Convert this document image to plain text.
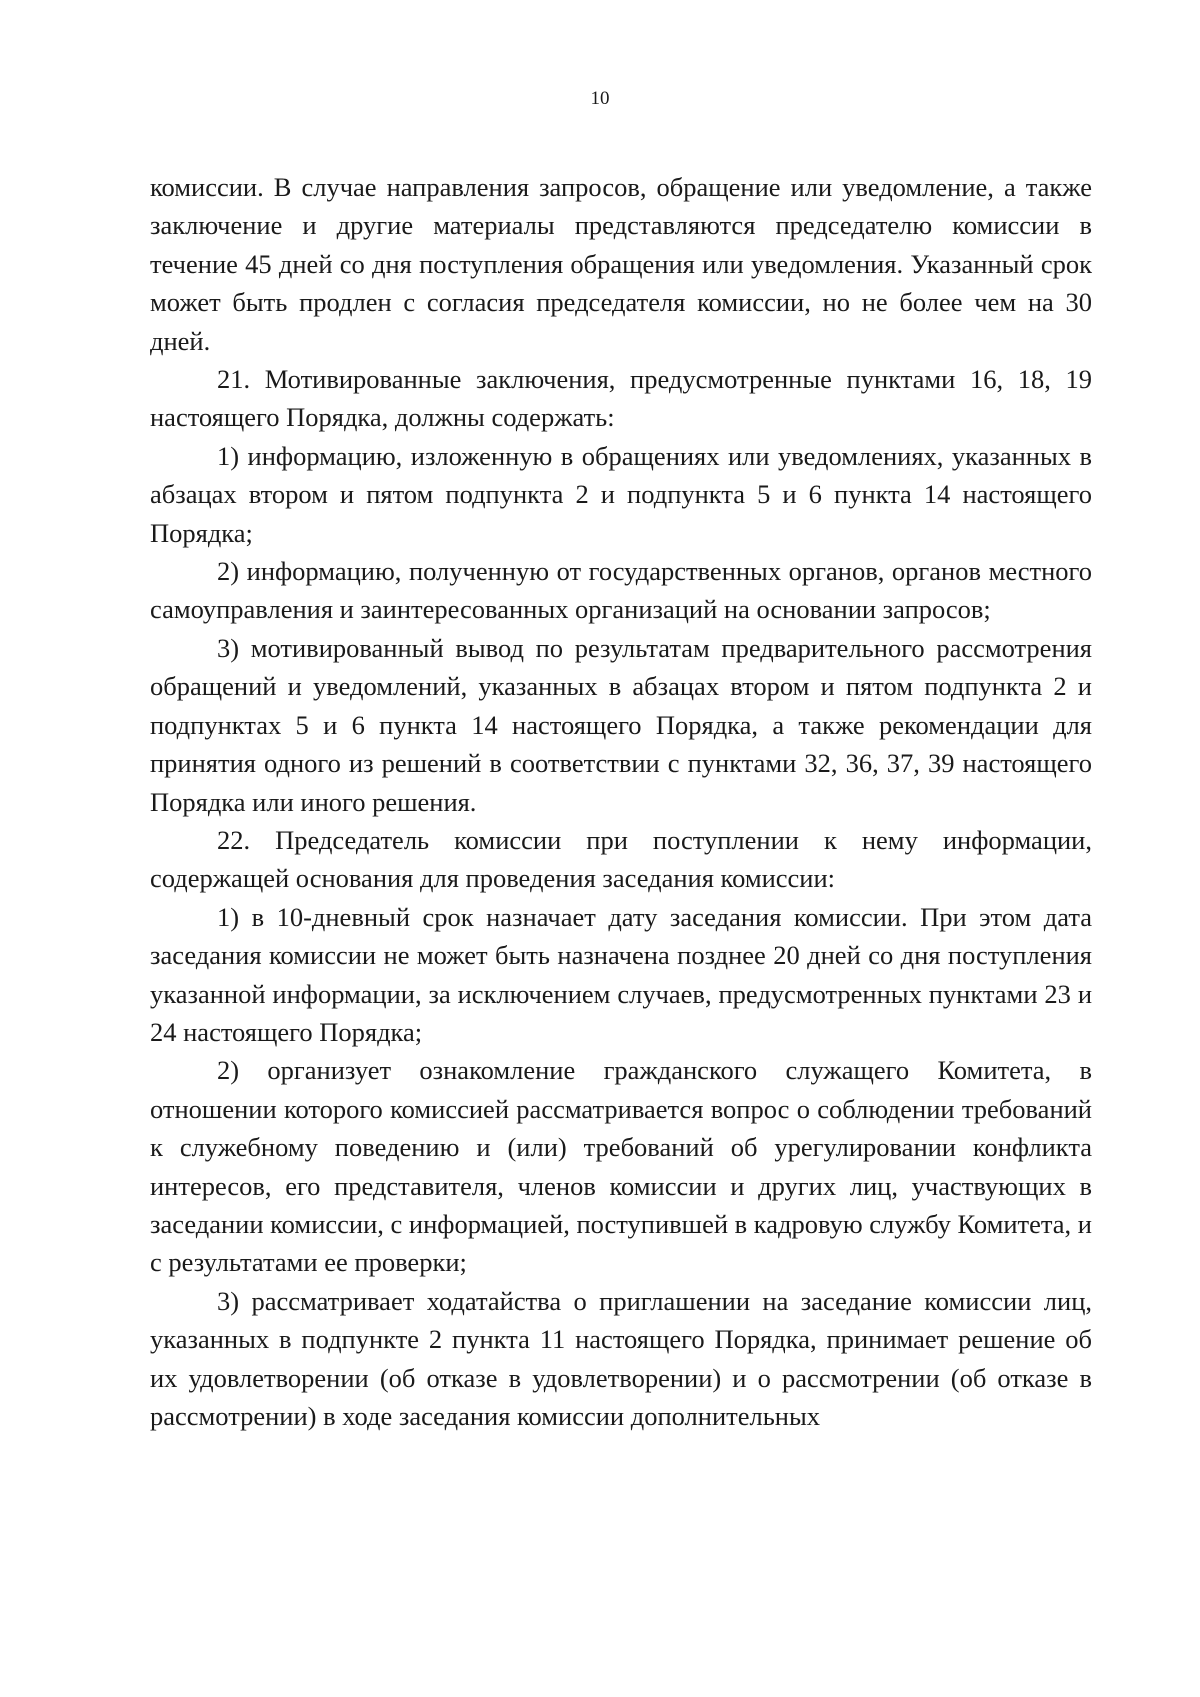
10

комиссии. В случае направления запросов, обращение или уведомление, а также заключение и другие материалы представляются председателю комиссии в течение 45 дней со дня поступления обращения или уведомления. Указанный срок может быть продлен с согласия председателя комиссии, но не более чем на 30 дней.

21. Мотивированные заключения, предусмотренные пунктами 16, 18, 19 настоящего Порядка, должны содержать:

1) информацию, изложенную в обращениях или уведомлениях, указанных в абзацах втором и пятом подпункта 2 и подпункта 5 и 6 пункта 14 настоящего Порядка;

2) информацию, полученную от государственных органов, органов местного самоуправления и заинтересованных организаций на основании запросов;

3) мотивированный вывод по результатам предварительного рассмотрения обращений и уведомлений, указанных в абзацах втором и пятом подпункта 2 и подпунктах 5 и 6 пункта 14 настоящего Порядка, а также рекомендации для принятия одного из решений в соответствии с пунктами 32, 36, 37, 39 настоящего Порядка или иного решения.

22. Председатель комиссии при поступлении к нему информации, содержащей основания для проведения заседания комиссии:

1) в 10-дневный срок назначает дату заседания комиссии. При этом дата заседания комиссии не может быть назначена позднее 20 дней со дня поступления указанной информации, за исключением случаев, предусмотренных пунктами 23 и 24 настоящего Порядка;

2) организует ознакомление гражданского служащего Комитета, в отношении которого комиссией рассматривается вопрос о соблюдении требований к служебному поведению и (или) требований об урегулировании конфликта интересов, его представителя, членов комиссии и других лиц, участвующих в заседании комиссии, с информацией, поступившей в кадровую службу Комитета, и с результатами ее проверки;

3) рассматривает ходатайства о приглашении на заседание комиссии лиц, указанных в подпункте 2 пункта 11 настоящего Порядка, принимает решение об их удовлетворении (об отказе в удовлетворении) и о рассмотрении (об отказе в рассмотрении) в ходе заседания комиссии дополнительных
